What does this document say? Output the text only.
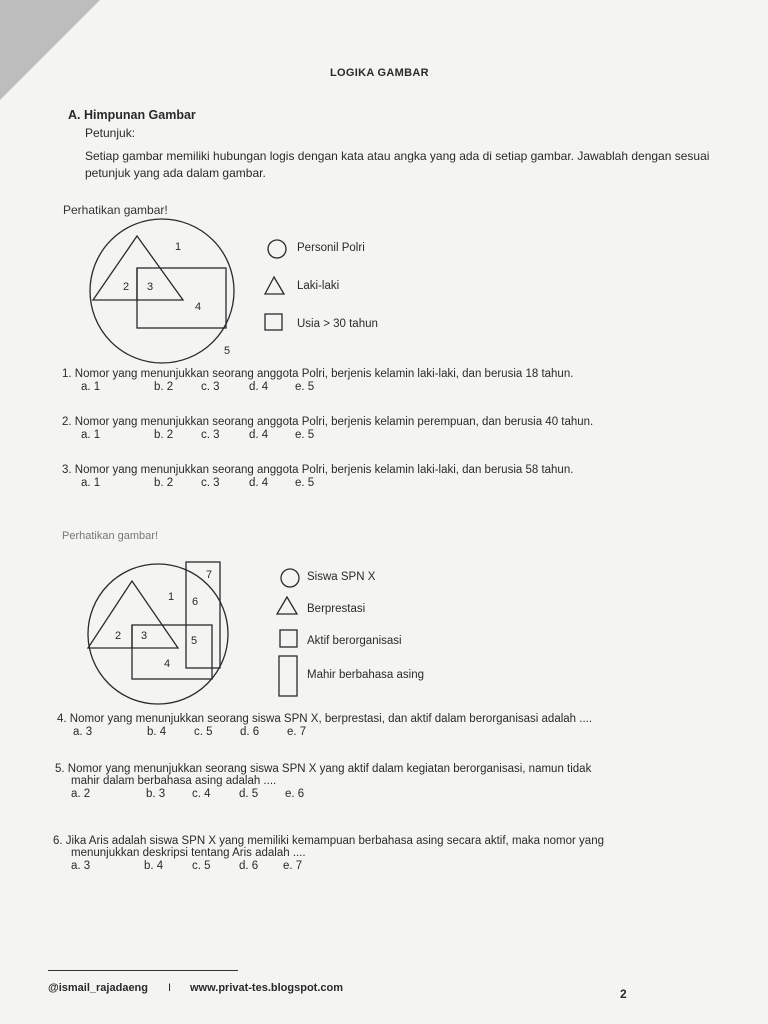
LOGIKA GAMBAR
A. Himpunan Gambar
Petunjuk:
Setiap gambar memiliki hubungan logis dengan kata atau angka yang ada di setiap gambar. Jawablah dengan sesuai petunjuk yang ada dalam gambar.
Perhatikan gambar!
1
2 3
4
5
1
2 3
4
5
6
7
Personil Polri
Laki-laki
Usia > 30 tahun
1. Nomor yang menunjukkan seorang anggota Polri, berjenis kelamin laki-laki, dan berusia 18 tahun.
a. 1	b. 2 c. 3	d. 4 e. 5
2. Nomor yang menunjukkan seorang anggota Polri, berjenis kelamin perempuan, dan berusia 40 tahun.
a. 1	b. 2 c. 3	d. 4 e. 5
3. Nomor yang menunjukkan seorang anggota Polri, berjenis kelamin laki-laki, dan berusia 58 tahun.
a. 1	b. 2 c. 3	d. 4 e. 5
Perhatikan gambar!
Siswa SPN X
Berprestasi
Aktif berorganisasi
Mahir berbahasa asing
4. Nomor yang menunjukkan seorang siswa SPN X, berprestasi, dan aktif dalam berorganisasi adalah ....
a. 3	b. 4 c. 5 d. 6 e. 7
5. Nomor yang menunjukkan seorang siswa SPN X yang aktif dalam kegiatan berorganisasi, namun tidak
mahir dalam berbahasa asing adalah ....
a. 2	b. 3 c. 4 d. 5 e. 6
6. Jika Aris adalah siswa SPN X yang memiliki kemampuan berbahasa asing secara aktif, maka nomor yang
menunjukkan deskripsi tentang Aris adalah ....
a. 3	b. 4	c. 5 d. 6 e. 7
@ismail_rajadaeng I www.privat-tes.blogspot.com	2
